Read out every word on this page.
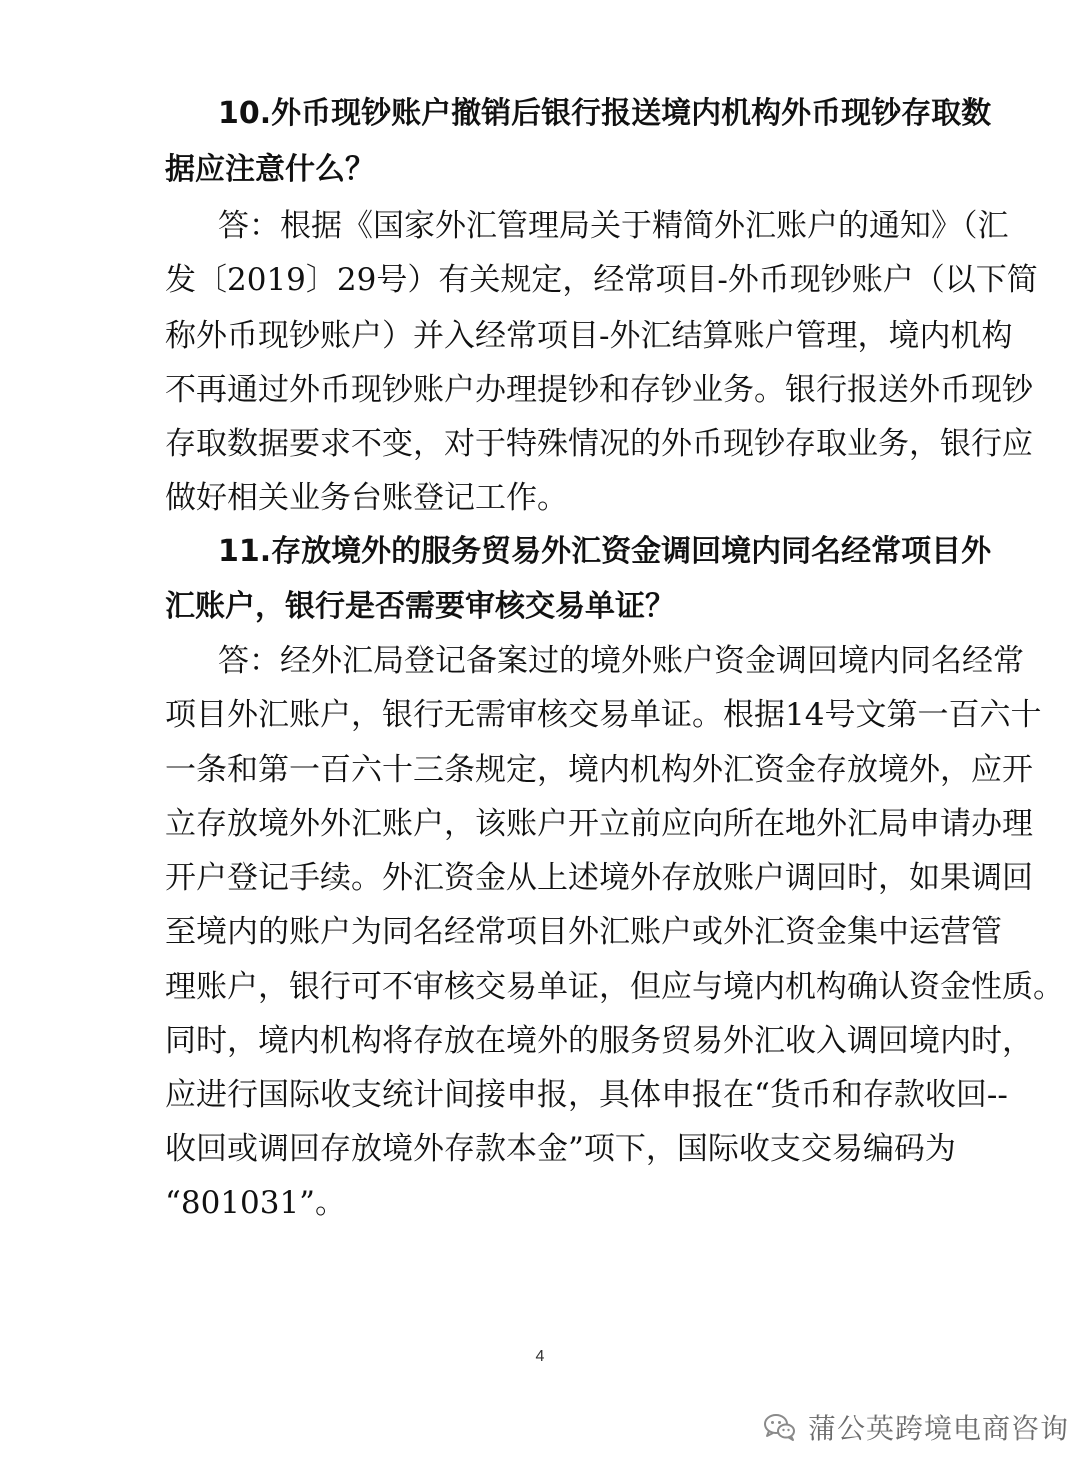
10.外币现钞账户撤销后银行报送境内机构外币现钞存取数
据应注意什么？
答：根据《国家外汇管理局关于精简外汇账户的通知》（汇
发〔2019〕29号）有关规定，经常项目-外币现钞账户（以下简
称外币现钞账户）并入经常项目-外汇结算账户管理，境内机构
不再通过外币现钞账户办理提钞和存钞业务。银行报送外币现钞
存取数据要求不变，对于特殊情况的外币现钞存取业务，银行应
做好相关业务台账登记工作。
11.存放境外的服务贸易外汇资金调回境内同名经常项目外
汇账户，银行是否需要审核交易单证？
答：经外汇局登记备案过的境外账户资金调回境内同名经常
项目外汇账户，银行无需审核交易单证。根据14号文第一百六十
一条和第一百六十三条规定，境内机构外汇资金存放境外，应开
立存放境外外汇账户，该账户开立前应向所在地外汇局申请办理
开户登记手续。外汇资金从上述境外存放账户调回时，如果调回
至境内的账户为同名经常项目外汇账户或外汇资金集中运营管
理账户，银行可不审核交易单证，但应与境内机构确认资金性质。
同时，境内机构将存放在境外的服务贸易外汇收入调回境内时，
应进行国际收支统计间接申报，具体申报在“货币和存款收回--
收回或调回存放境外存款本金”项下，国际收支交易编码为
“801031”。
4
蒲公英跨境电商咨询
